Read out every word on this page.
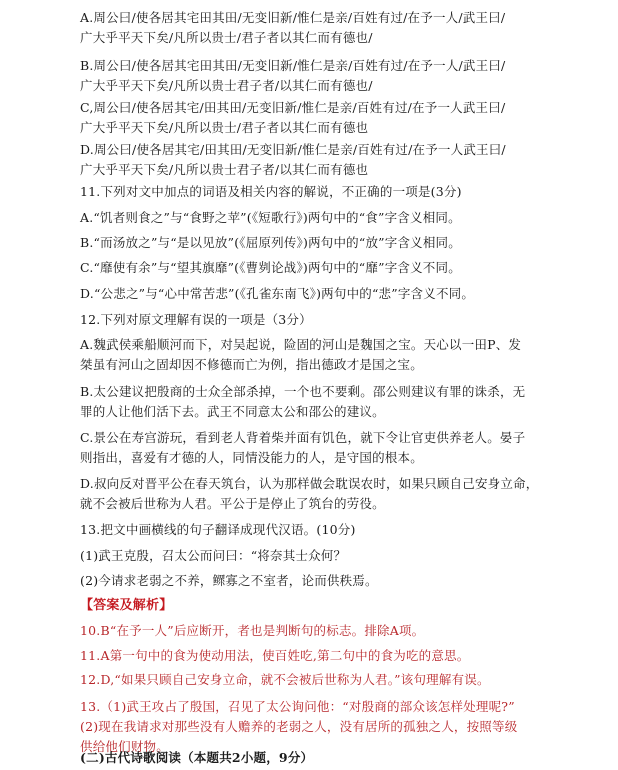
A.周公曰/使各居其宅田其田/无变旧新/惟仁是亲/百姓有过/在予一人/武王曰/
广大乎平天下矣/凡所以贵士/君子者以其仁而有德也/
B.周公曰/使各居其宅田其田/无变旧新/惟仁是亲/百姓有过/在予一人/武王曰/
广大乎平天下矣/凡所以贵士君子者/以其仁而有德也/
C,周公曰/使各居其宅/田其田/无变旧新/惟仁是亲/百姓有过/在予一人武王曰/
广大乎平天下矣/凡所以贵士/君子者以其仁而有德也
D.周公曰/使各居其宅/田其田/无变旧新/惟仁是亲/百姓有过/在予一人武王曰/
广大乎平天下矣/凡所以贵士君子者/以其仁而有德也
11.下列对文中加点的词语及相关内容的解说，不正确的一项是(3分)
A.“饥者则食之”与“食野之苹”(《短歌行》)两句中的“食”字含义相同。
B.“而汤放之”与“是以见放”(《屈原列传》)两句中的“放”字含义相同。
C.“靡使有余”与“望其旗靡”(《曹刿论战》)两句中的“靡”字含义不同。
D.“公悲之”与“心中常苦悲”(《孔雀东南飞》)两句中的“悲”字含义不同。
12.下列对原文理解有误的一项是（3分）
A.魏武侯乘船顺河而下，对吴起说，险固的河山是魏国之宝。天心以一田P、发
桀虽有河山之固却因不修德而亡为例，指出德政才是国之宝。
B.太公建议把殷商的士众全部杀掉，一个也不要剩。邵公则建议有罪的诛杀，无
罪的人让他们活下去。武王不同意太公和邵公的建议。
C.景公在寿宫游玩，看到老人背着柴并面有饥色，就下令让官吏供养老人。晏子
则指出，喜爱有才德的人，同情没能力的人，是守国的根本。
D.叔向反对晋平公在春天筑台，认为那样做会耽误农时，如果只顾自己安身立命，
就不会被后世称为人君。平公于是停止了筑台的劳役。
13.把文中画横线的句子翻译成现代汉语。(10分)
(1)武王克殷，召太公而问曰：“将奈其士众何？
(2)今请求老弱之不养，鳏寡之不室者，论而供秩焉。
【答案及解析】
10.B“在予一人”后应断开，者也是判断句的标志。排除A项。
11.A第一句中的食为使动用法，使百姓吃,第二句中的食为吃的意思。
12.D,“如果只顾自己安身立命，就不会被后世称为人君。”该句理解有误。
13.（1)武王攻占了殷国，召见了太公询问他：“对殷商的部众该怎样处理呢?”
(2)现在我请求对那些没有人赡养的老弱之人，没有居所的孤独之人，按照等级
供给他们财物。
(二)古代诗歌阅读（本题共2小题，9分）
